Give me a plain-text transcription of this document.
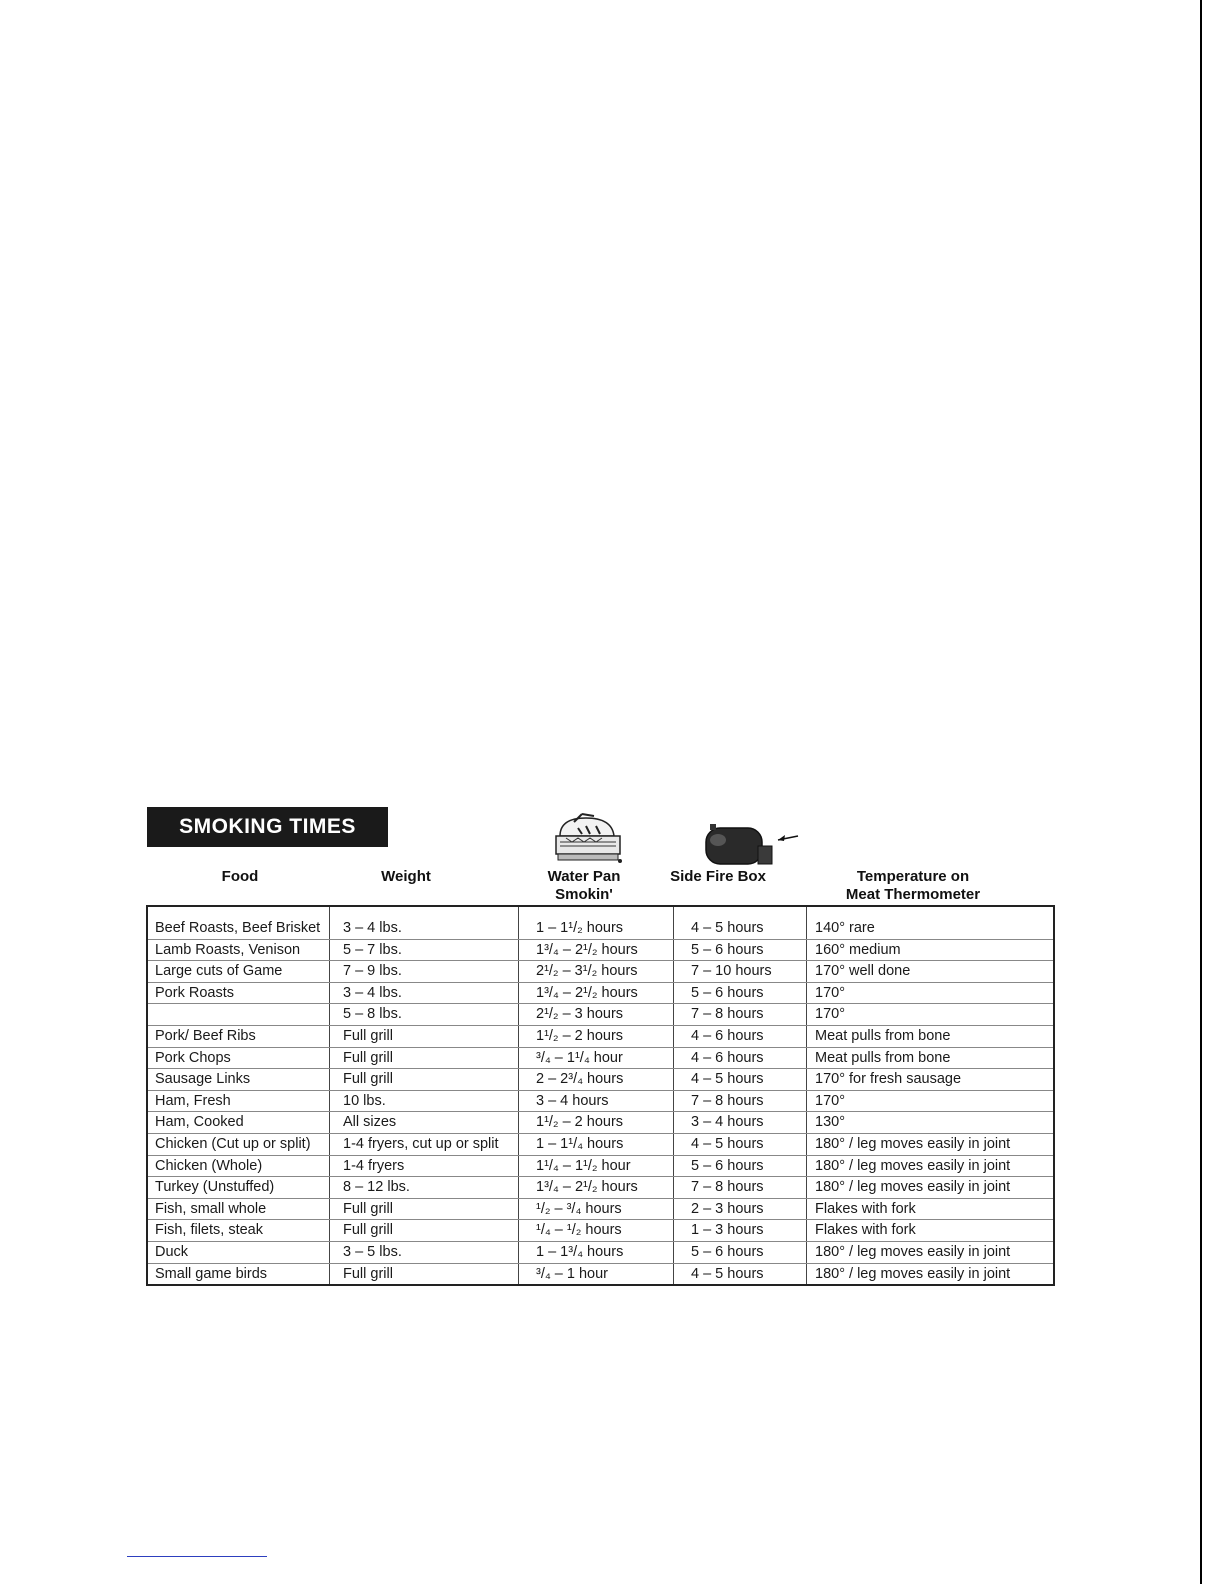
SMOKING TIMES
Food	Weight	Water Pan
Smokin'
Side Fire Box	Temperature on
Meat Thermometer
Beef Roasts, Beef Brisket	3 – 4 lbs.	1 – 1¹/₂ hours	4 – 5 hours	140° rare
Lamb Roasts, Venison	5 – 7 lbs.	1³/₄ – 2¹/₂ hours	5 – 6 hours	160° medium
Large cuts of Game	7 – 9 lbs.	2¹/₂ – 3¹/₂ hours	7 – 10 hours	170° well done
Pork Roasts	3 – 4 lbs.	1³/₄ – 2¹/₂ hours	5 – 6 hours	170°
	5 – 8 lbs.	2¹/₂ – 3 hours	7 – 8 hours	170°
Pork/ Beef Ribs	Full grill	1¹/₂ – 2 hours	4 – 6 hours	Meat pulls from bone
Pork Chops	Full grill	³/₄ – 1¹/₄ hour	4 – 6 hours	Meat pulls from bone
Sausage Links	Full grill	2 – 2³/₄ hours	4 – 5 hours	170° for fresh sausage
Ham, Fresh	10 lbs.	3 – 4 hours	7 – 8 hours	170°
Ham, Cooked	All sizes	1¹/₂ – 2 hours	3 – 4 hours	130°
Chicken (Cut up or split)	1-4 fryers, cut up or split	1 – 1¹/₄ hours	4 – 5 hours	180° / leg moves easily in joint
Chicken (Whole)	1-4 fryers	1¹/₄ – 1¹/₂ hour	5 – 6 hours	180° / leg moves easily in joint
Turkey (Unstuffed)	8 – 12 lbs.	1³/₄ – 2¹/₂ hours	7 – 8 hours	180° / leg moves easily in joint
Fish, small whole	Full grill	¹/₂ – ³/₄ hours	2 – 3 hours	Flakes with fork
Fish, filets, steak	Full grill	¹/₄ – ¹/₂ hours	1 – 3 hours	Flakes with fork
Duck	3 – 5 lbs.	1 – 1³/₄ hours	5 – 6 hours	180° / leg moves easily in joint
Small game birds	Full grill	³/₄ – 1 hour	4 – 5 hours	180° / leg moves easily in joint
